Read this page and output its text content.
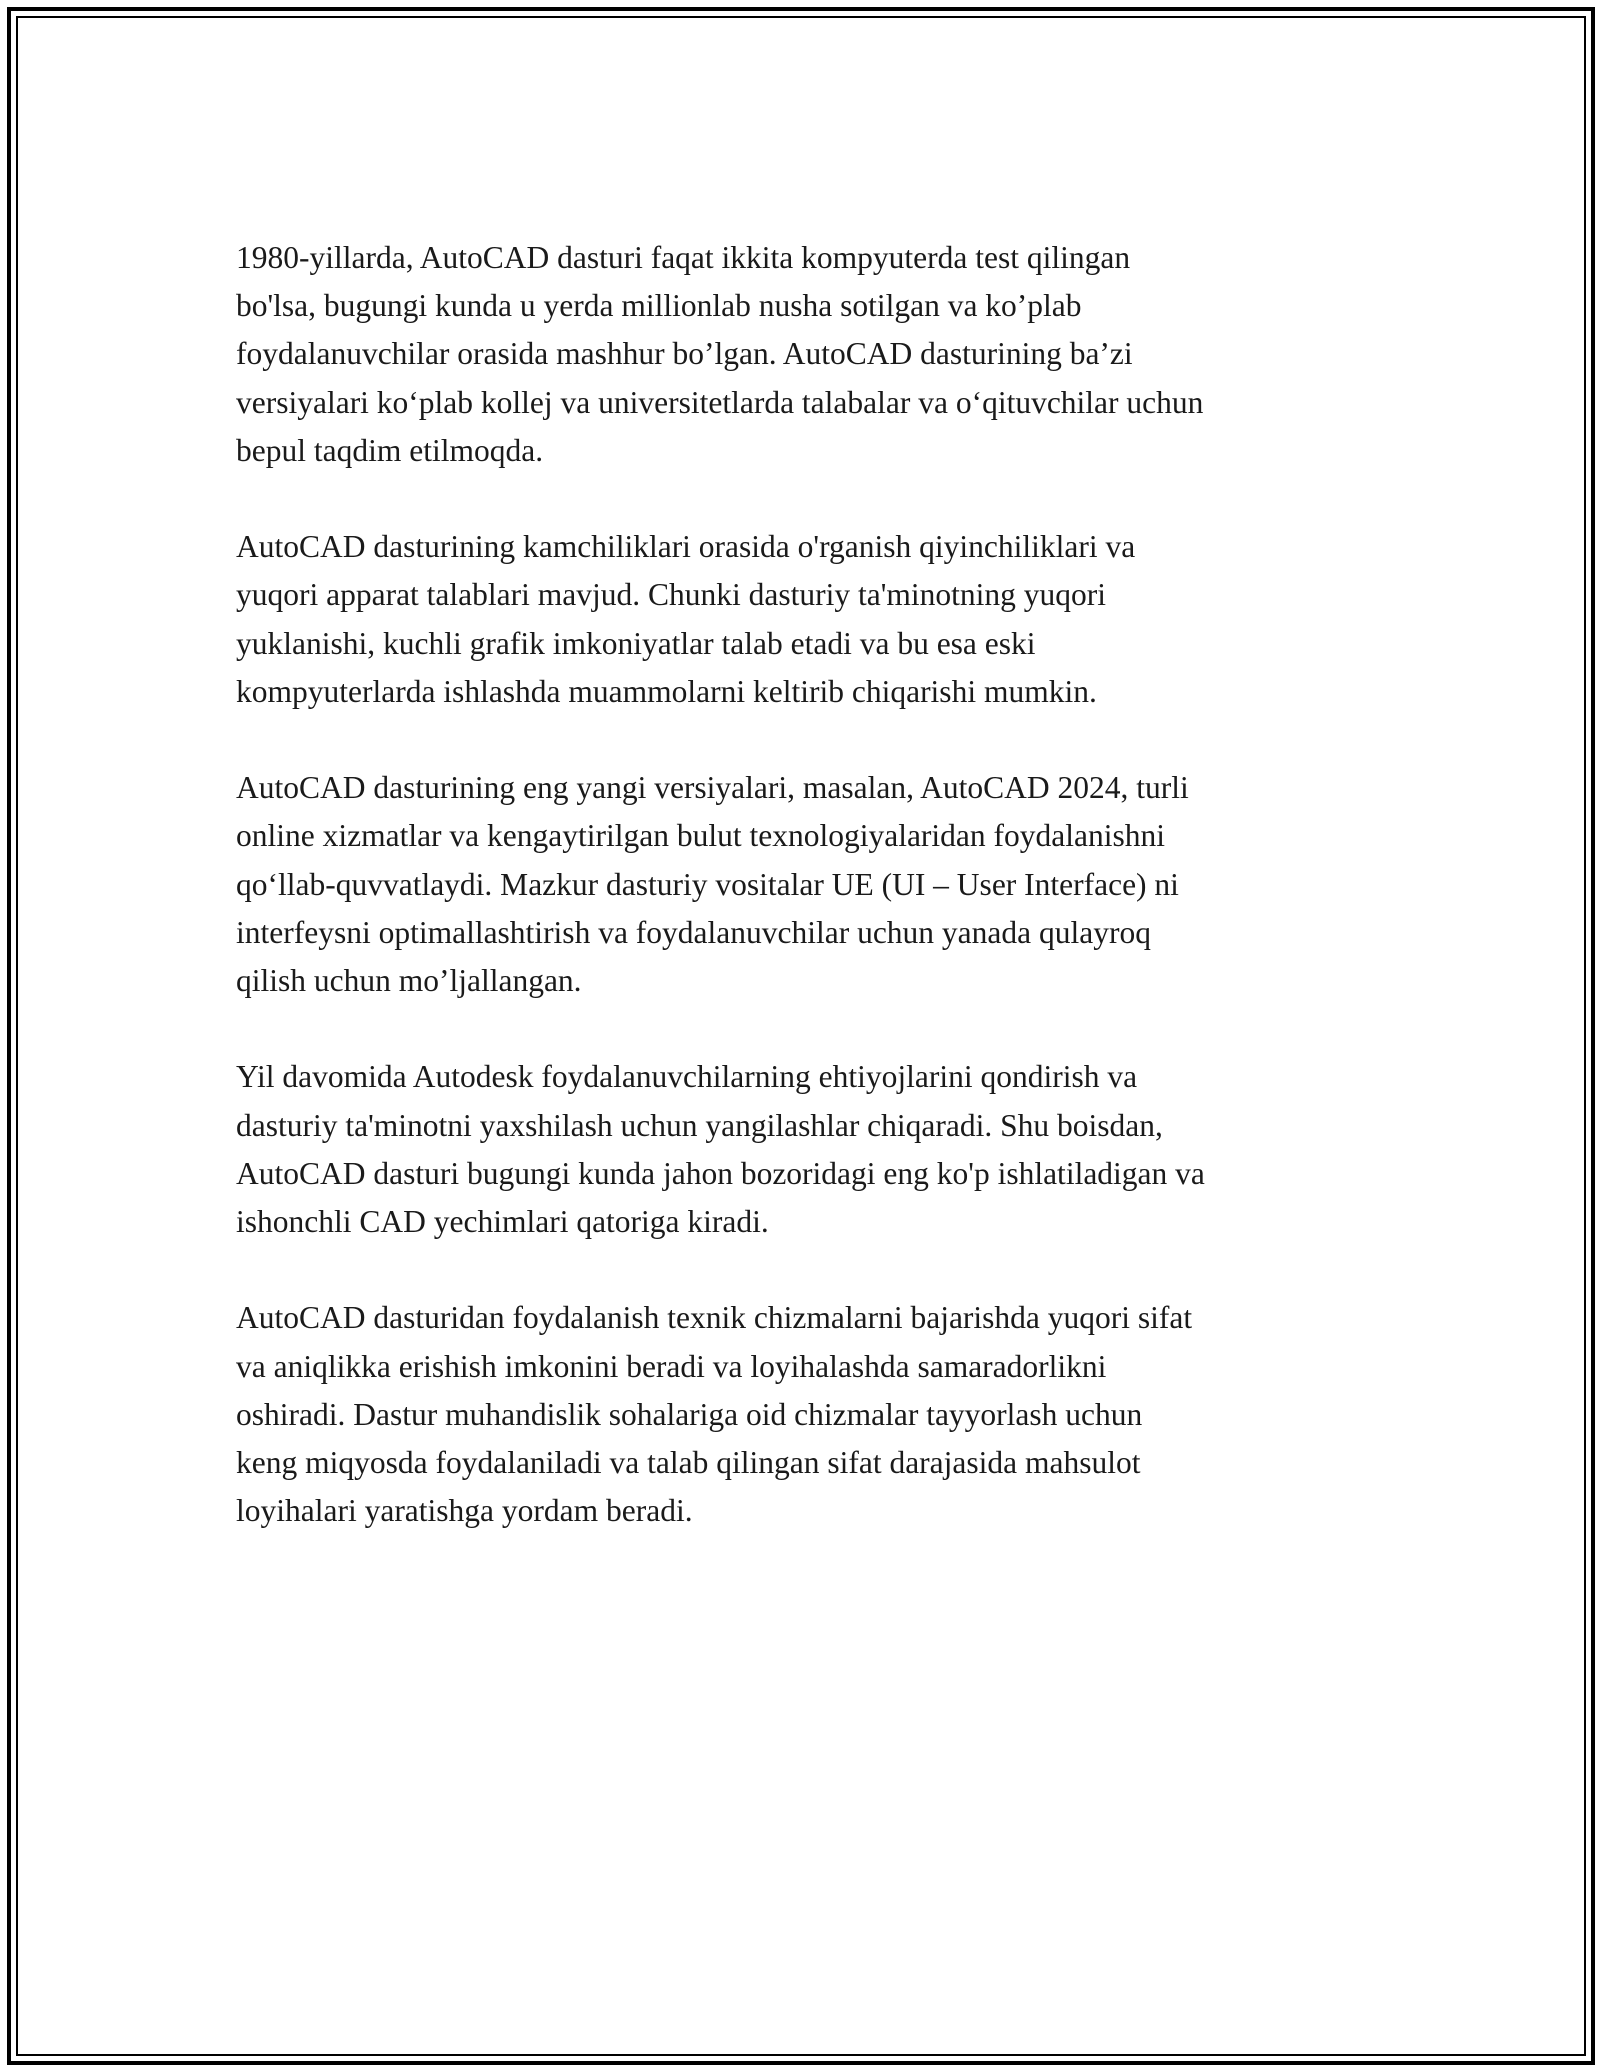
1980-yillarda, AutoCAD dasturi faqat ikkita kompyuterda test qilingan
bo'lsa, bugungi kunda u yerda millionlab nusha sotilgan va ko’plab
foydalanuvchilar orasida mashhur bo’lgan. AutoCAD dasturining ba’zi
versiyalari ko‘plab kollej va universitetlarda talabalar va o‘qituvchilar uchun
bepul taqdim etilmoqda.

AutoCAD dasturining kamchiliklari orasida o'rganish qiyinchiliklari va
yuqori apparat talablari mavjud. Chunki dasturiy ta'minotning yuqori
yuklanishi, kuchli grafik imkoniyatlar talab etadi va bu esa eski
kompyuterlarda ishlashda muammolarni keltirib chiqarishi mumkin.

AutoCAD dasturining eng yangi versiyalari, masalan, AutoCAD 2024, turli
online xizmatlar va kengaytirilgan bulut texnologiyalaridan foydalanishni
qo‘llab-quvvatlaydi. Mazkur dasturiy vositalar UE (UI – User Interface) ni
interfeysni optimallashtirish va foydalanuvchilar uchun yanada qulayroq
qilish uchun mo’ljallangan.

Yil davomida Autodesk foydalanuvchilarning ehtiyojlarini qondirish va
dasturiy ta'minotni yaxshilash uchun yangilashlar chiqaradi. Shu boisdan,
AutoCAD dasturi bugungi kunda jahon bozoridagi eng ko'p ishlatiladigan va
ishonchli CAD yechimlari qatoriga kiradi.

AutoCAD dasturidan foydalanish texnik chizmalarni bajarishda yuqori sifat
va aniqlikka erishish imkonini beradi va loyihalashda samaradorlikni
oshiradi. Dastur muhandislik sohalariga oid chizmalar tayyorlash uchun
keng miqyosda foydalaniladi va talab qilingan sifat darajasida mahsulot
loyihalari yaratishga yordam beradi.
